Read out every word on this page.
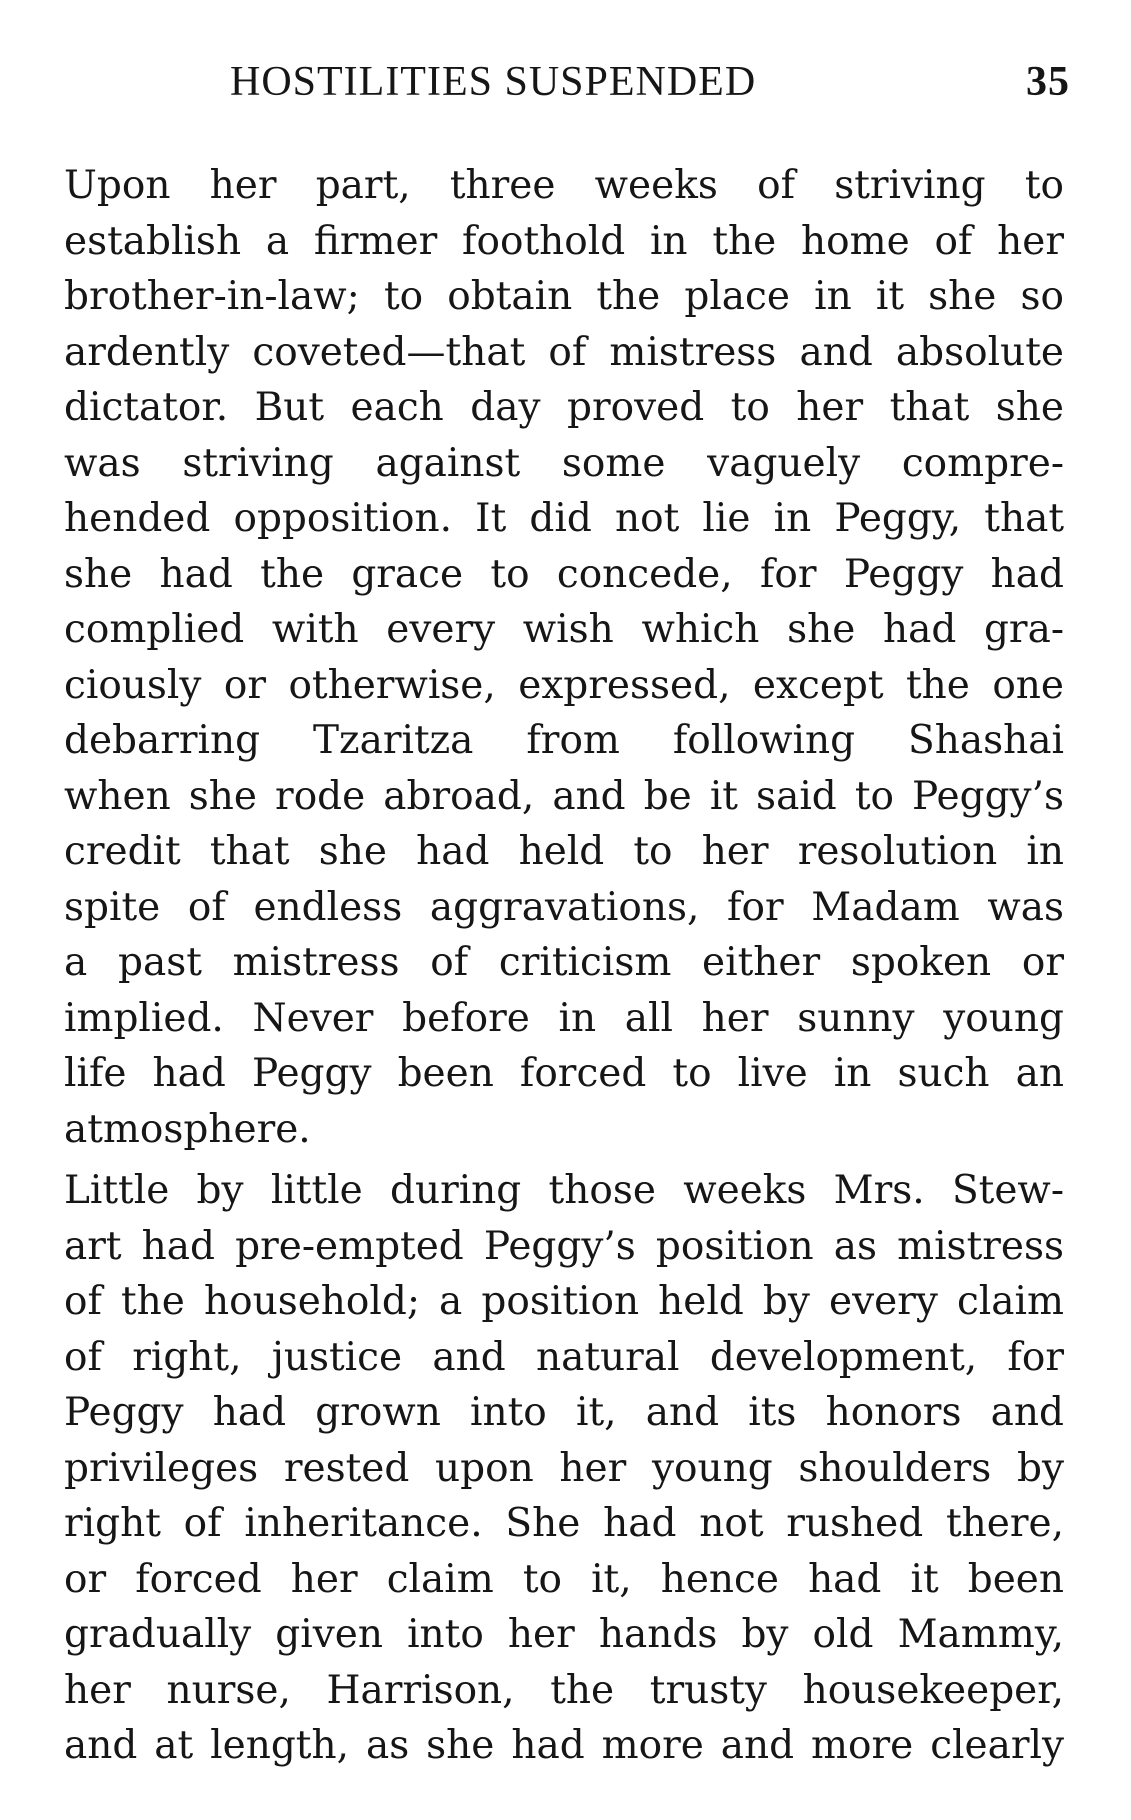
HOSTILITIES SUSPENDED	35
Upon her part, three weeks of striving to
establish a firmer foothold in the home of her
brother-in-law; to obtain the place in it she so
ardently coveted—that of mistress and absolute
dictator. But each day proved to her that she
was striving against some vaguely compre-
hended opposition. It did not lie in Peggy, that
she had the grace to concede, for Peggy had
complied with every wish which she had gra-
ciously or otherwise, expressed, except the one
debarring Tzaritza from following Shashai
when she rode abroad, and be it said to Peggy’s
credit that she had held to her resolution in
spite of endless aggravations, for Madam was
a past mistress of criticism either spoken or
implied. Never before in all her sunny young
life had Peggy been forced to live in such an
atmosphere.
Little by little during those weeks Mrs. Stew-
art had pre-empted Peggy’s position as mistress
of the household; a position held by every claim
of right, justice and natural development, for
Peggy had grown into it, and its honors and
privileges rested upon her young shoulders by
right of inheritance. She had not rushed there,
or forced her claim to it, hence had it been
gradually given into her hands by old Mammy,
her nurse, Harrison, the trusty housekeeper,
and at length, as she had more and more clearly
